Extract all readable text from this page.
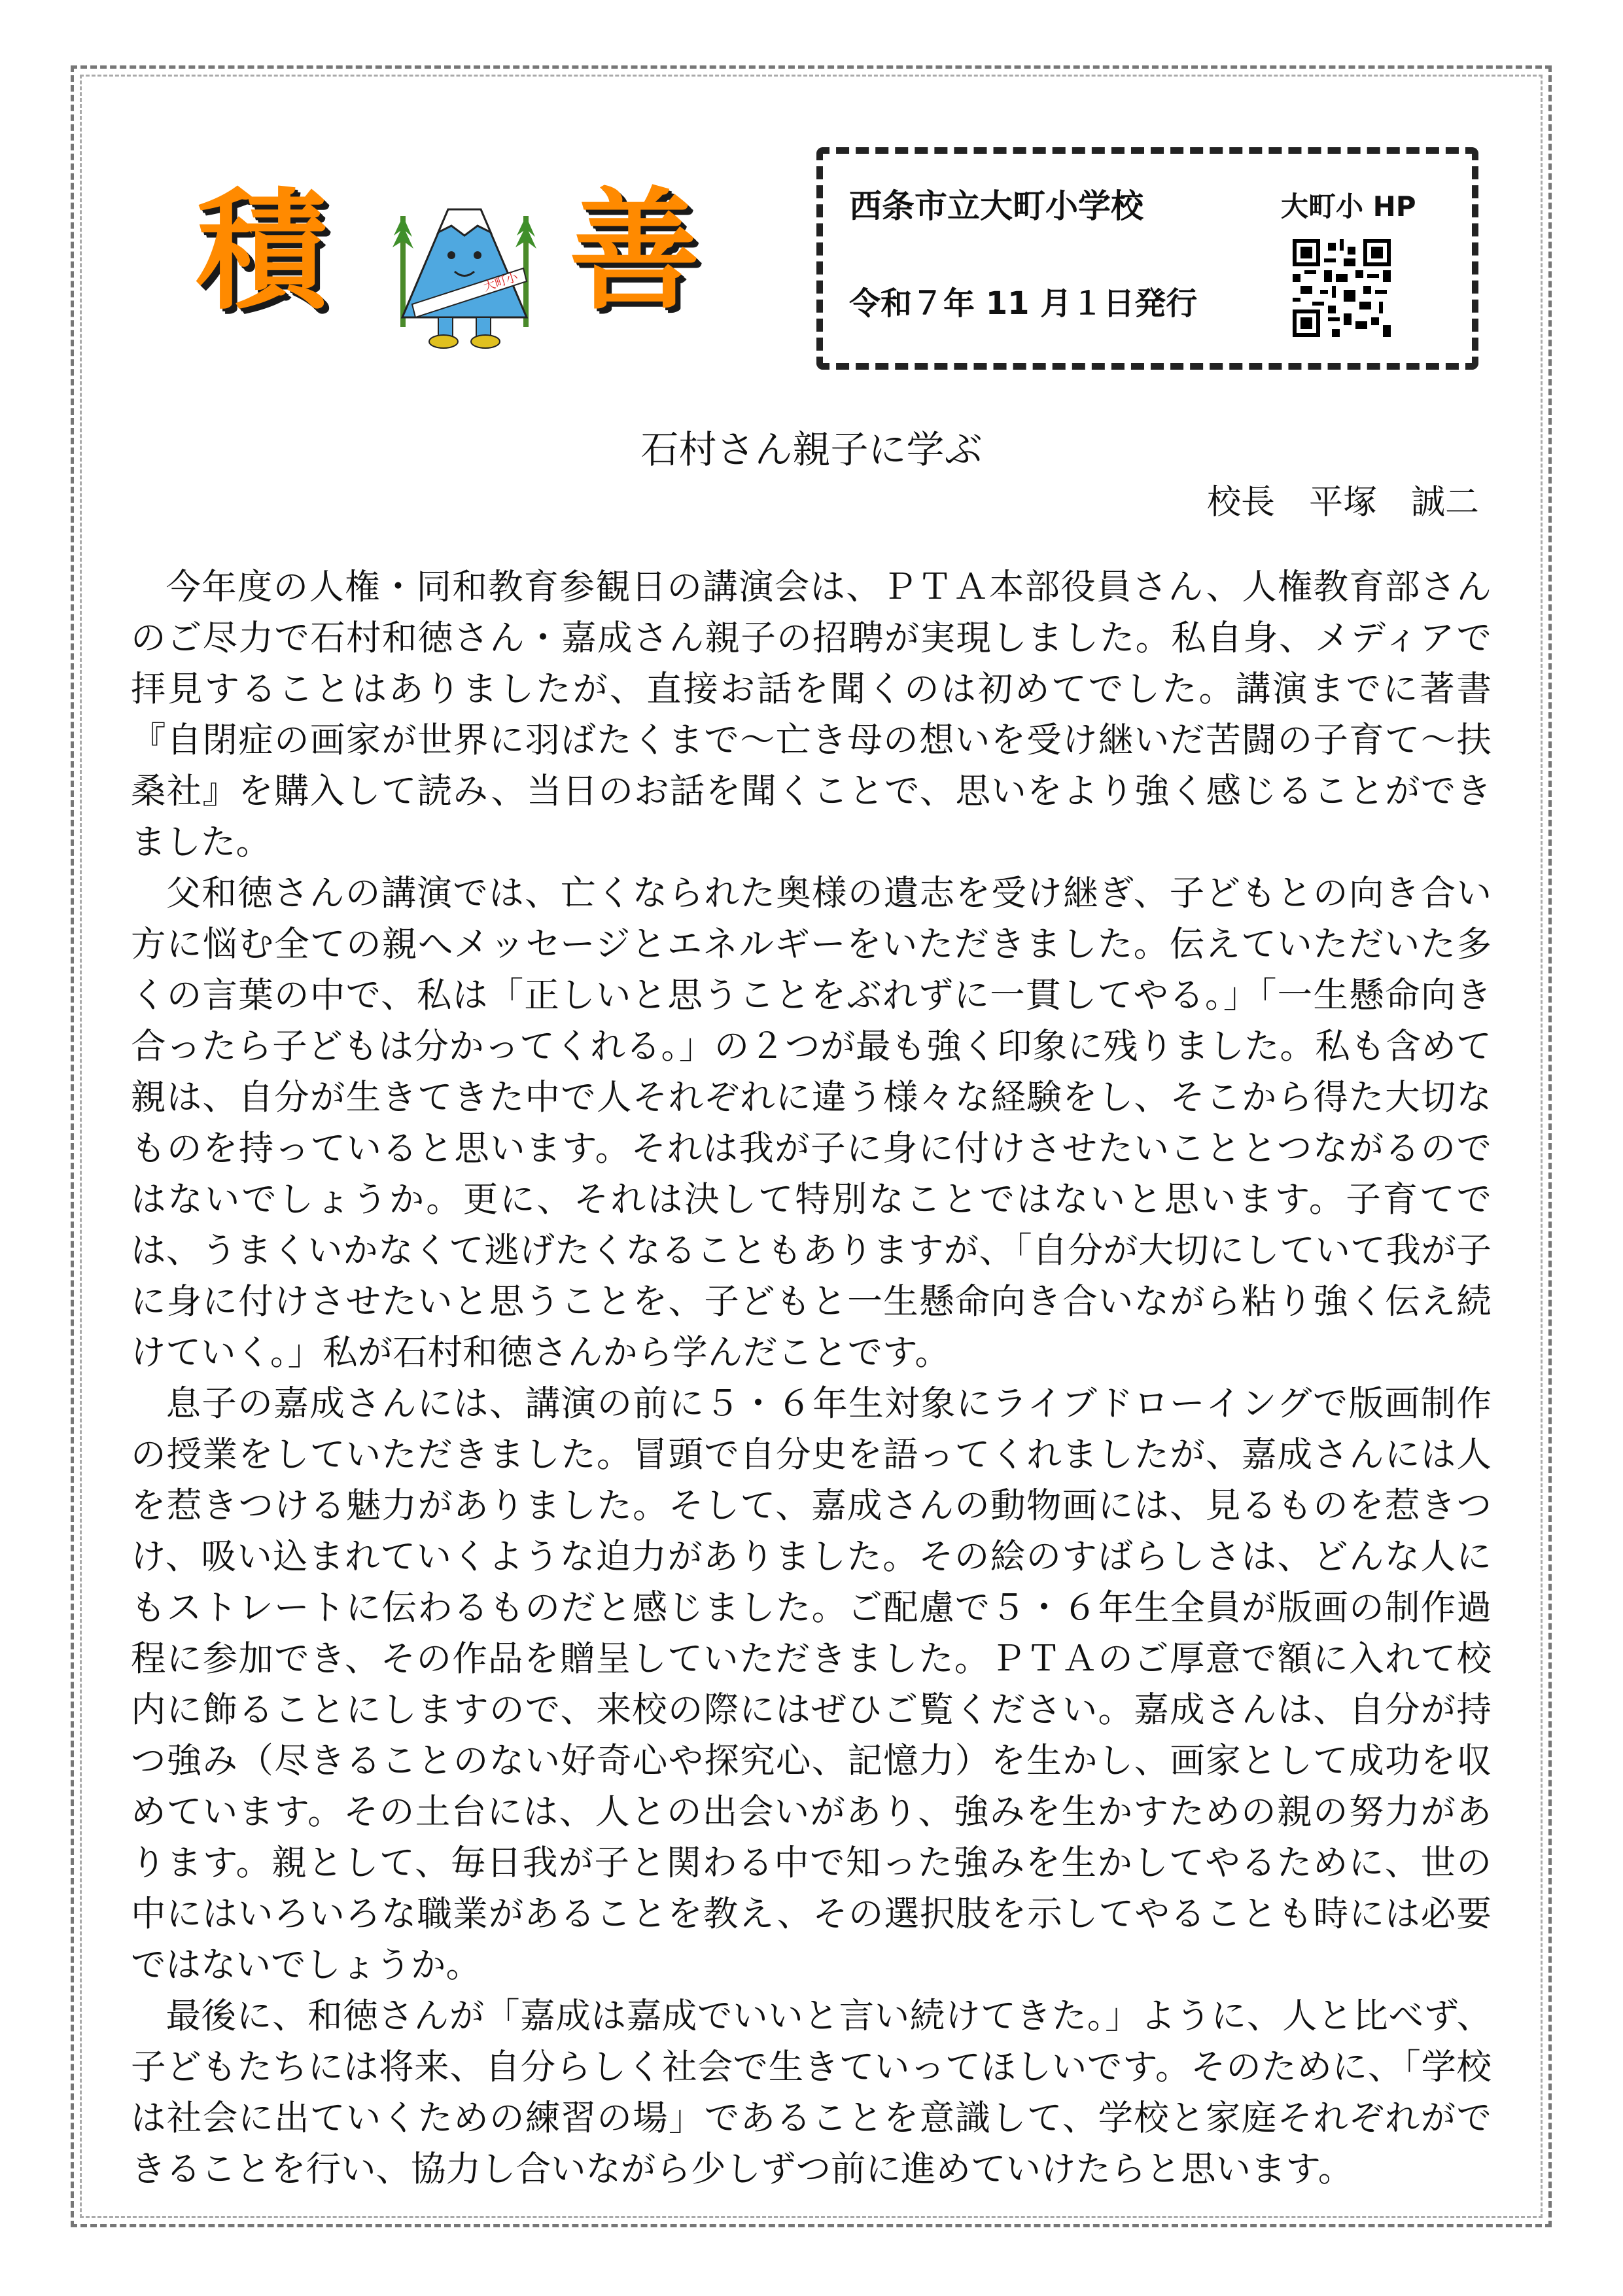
積	大町小 善	西条市立大町小学校	大町小 HP
令和７年 11 月１日発行
石村さん親子に学ぶ
校長　平塚　誠二

今年度の人権・同和教育参観日の講演会は、ＰＴＡ本部役員さん、人権教育部さんのご尽力で石村和徳さん・嘉成さん親子の招聘が実現しました。私自身、メディアで拝見することはありましたが、直接お話を聞くのは初めてでした。講演までに著書『自閉症の画家が世界に羽ばたくまで〜亡き母の想いを受け継いだ苦闘の子育て〜扶桑社』を購入して読み、当日のお話を聞くことで、思いをより強く感じることができました。

父和徳さんの講演では、亡くなられた奥様の遺志を受け継ぎ、子どもとの向き合い方に悩む全ての親へメッセージとエネルギーをいただきました。伝えていただいた多くの言葉の中で、私は「正しいと思うことをぶれずに一貫してやる。」「一生懸命向き合ったら子どもは分かってくれる。」の２つが最も強く印象に残りました。私も含めて親は、自分が生きてきた中で人それぞれに違う様々な経験をし、そこから得た大切なものを持っていると思います。それは我が子に身に付けさせたいこととつながるのではないでしょうか。更に、それは決して特別なことではないと思います。子育てでは、うまくいかなくて逃げたくなることもありますが、「自分が大切にしていて我が子に身に付けさせたいと思うことを、子どもと一生懸命向き合いながら粘り強く伝え続けていく。」私が石村和徳さんから学んだことです。

息子の嘉成さんには、講演の前に５・６年生対象にライブドローイングで版画制作の授業をしていただきました。冒頭で自分史を語ってくれましたが、嘉成さんには人を惹きつける魅力がありました。そして、嘉成さんの動物画には、見るものを惹きつけ、吸い込まれていくような迫力がありました。その絵のすばらしさは、どんな人にもストレートに伝わるものだと感じました。ご配慮で５・６年生全員が版画の制作過程に参加でき、その作品を贈呈していただきました。ＰＴＡのご厚意で額に入れて校内に飾ることにしますので、来校の際にはぜひご覧ください。嘉成さんは、自分が持つ強み（尽きることのない好奇心や探究心、記憶力）を生かし、画家として成功を収めています。その土台には、人との出会いがあり、強みを生かすための親の努力があります。親として、毎日我が子と関わる中で知った強みを生かしてやるために、世の中にはいろいろな職業があることを教え、その選択肢を示してやることも時には必要ではないでしょうか。

最後に、和徳さんが「嘉成は嘉成でいいと言い続けてきた。」ように、人と比べず、子どもたちには将来、自分らしく社会で生きていってほしいです。そのために、「学校は社会に出ていくための練習の場」であることを意識して、学校と家庭それぞれができることを行い、協力し合いながら少しずつ前に進めていけたらと思います。
